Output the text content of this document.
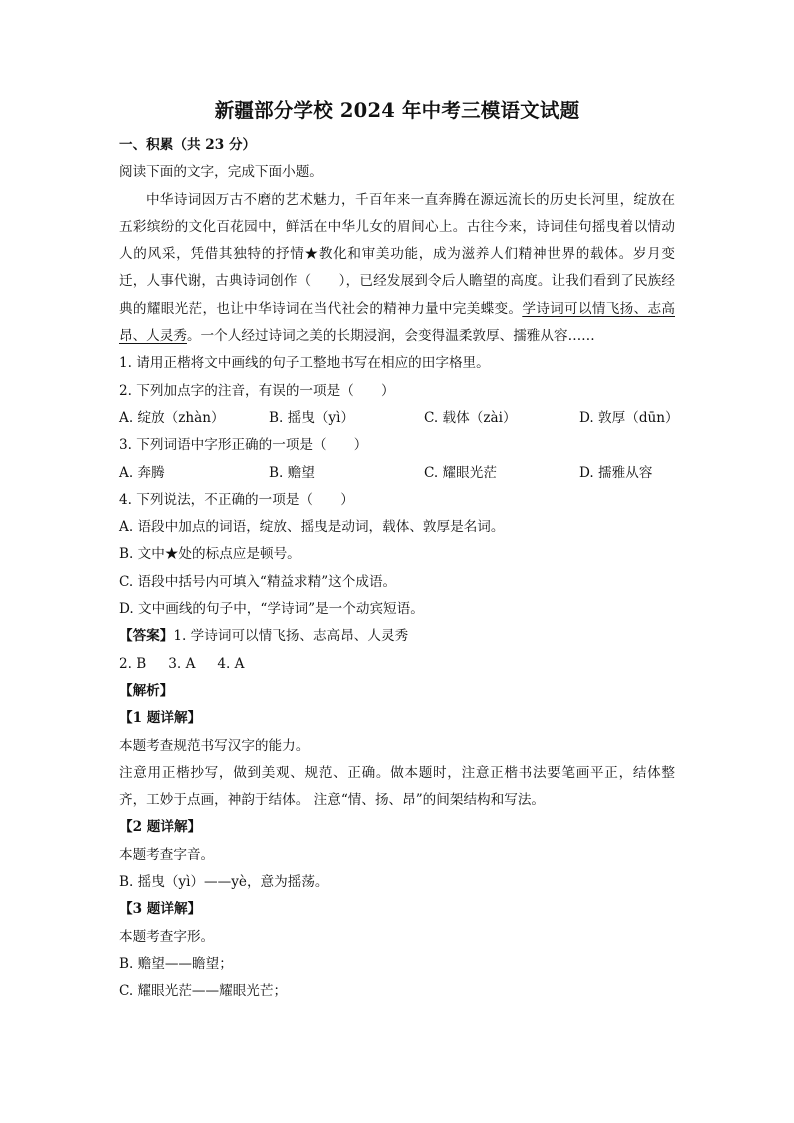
新疆部分学校 2024 年中考三模语文试题
一、积累（共 23 分）
阅读下面的文字，完成下面小题。

中华诗词因万古不磨的艺术魅力，千百年来一直奔腾在源远流长的历史长河里，绽放在五彩缤纷的文化百花园中，鲜活在中华儿女的眉间心上。古往今来，诗词佳句摇曳着以情动人的风采，凭借其独特的抒情★教化和审美功能，成为滋养人们精神世界的载体。岁月变迁，人事代谢，古典诗词创作（　　），已经发展到令后人瞻望的高度。让我们看到了民族经典的耀眼光茫，也让中华诗词在当代社会的精神力量中完美蝶变。学诗词可以情飞扬、志高昂、人灵秀。一个人经过诗词之美的长期浸润，会变得温柔敦厚、擩雅从容……

1. 请用正楷将文中画线的句子工整地书写在相应的田字格里。
2. 下列加点字的注音，有误的一项是（　　）
A. 绽放（zhàn）	B. 摇曳（yì）	C. 载体（zài）	D. 敦厚（dūn）
3. 下列词语中字形正确的一项是（　　）
A. 奔腾	B. 赡望	C. 耀眼光茫	D. 擩雅从容
4. 下列说法，不正确的一项是（　　）
A. 语段中加点的词语，绽放、摇曳是动词，载体、敦厚是名词。
B. 文中★处的标点应是顿号。
C. 语段中括号内可填入“精益求精”这个成语。
D. 文中画线的句子中，“学诗词”是一个动宾短语。
【答案】1. 学诗词可以情飞扬、志高昂、人灵秀
2. B 3. A 4. A
【解析】
【1 题详解】
本题考查规范书写汉字的能力。

注意用正楷抄写，做到美观、规范、正确。做本题时，注意正楷书法要笔画平正，结体整齐，工妙于点画，神韵于结体。 注意“情、扬、昂”的间架结构和写法。

【2 题详解】
本题考查字音。
B. 摇曳（yì）——yè，意为摇荡。
【3 题详解】
本题考查字形。
B. 赡望——瞻望；
C. 耀眼光茫——耀眼光芒；
